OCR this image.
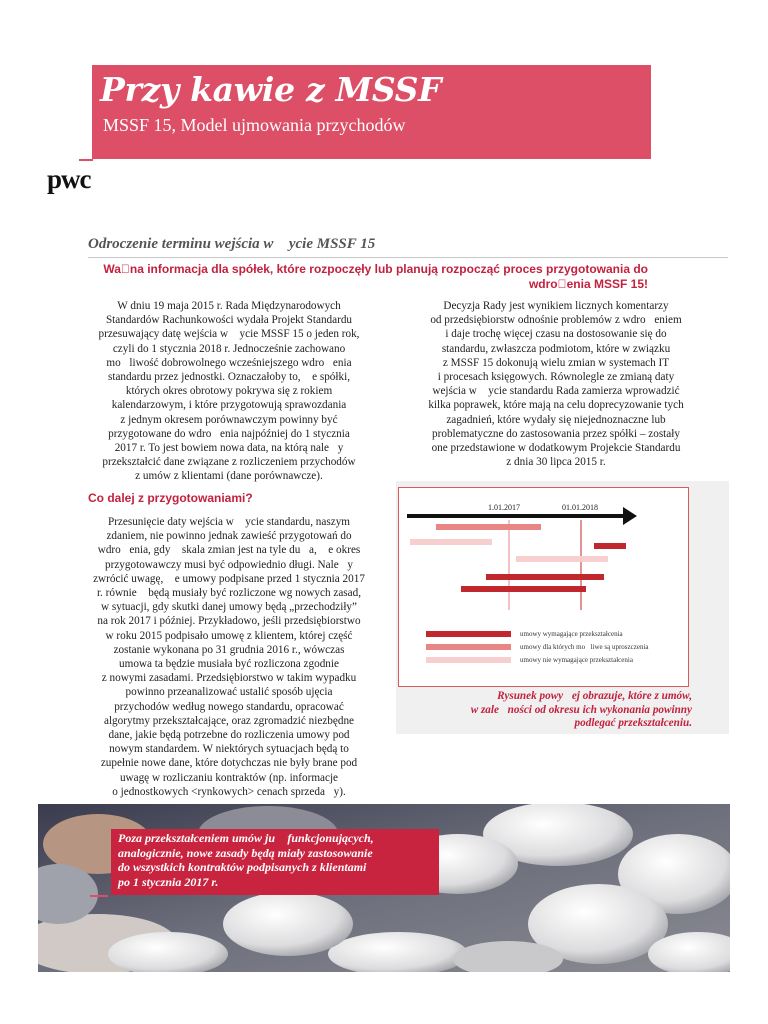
Przy kawie z MSSF
MSSF 15, Model ujmowania przychodów
pwc
Odroczenie terminu wejścia w  ycie MSSF 15
Wa na informacja dla spółek, które rozpoczęły lub planują rozpocząć proces przygotowania do wdro enia MSSF 15!
W dniu 19 maja 2015 r. Rada Międzynarodowych
Standardów Rachunkowości wydała Projekt Standardu
przesuwający datę wejścia w  ycie MSSF 15 o jeden rok,
czyli do 1 stycznia 2018 r. Jednocześnie zachowano
mo liwość dobrowolnego wcześniejszego wdro enia
standardu przez jednostki. Oznaczałoby to,  e spółki,
których okres obrotowy pokrywa się z rokiem
kalendarzowym, i które przygotowują sprawozdania
z jednym okresem porównawczym powinny być
przygotowane do wdro enia najpóźniej do 1 stycznia
2017 r. To jest bowiem nowa data, na którą nale y
przekształcić dane związane z rozliczeniem przychodów
z umów z klientami (dane porównawcze).
Decyzja Rady jest wynikiem licznych komentarzy
od przedsiębiorstw odnośnie problemów z wdro eniem
i daje trochę więcej czasu na dostosowanie się do
standardu, zwłaszcza podmiotom, które w związku
z MSSF 15 dokonują wielu zmian w systemach IT
i procesach księgowych. Równolegle ze zmianą daty
wejścia w  ycie standardu Rada zamierza wprowadzić
kilka poprawek, które mają na celu doprecyzowanie tych
zagadnień, które wydały się niejednoznaczne lub
problematyczne do zastosowania przez spółki – zostały
one przedstawione w dodatkowym Projekcie Standardu
z dnia 30 lipca 2015 r.
Co dalej z przygotowaniami?
Przesunięcie daty wejścia w  ycie standardu, naszym
zdaniem, nie powinno jednak zawieść przygotowań do
wdro enia, gdy  skala zmian jest na tyle du a,  e okres
przygotowawczy musi być odpowiednio długi. Nale y
zwrócić uwagę,  e umowy podpisane przed 1 stycznia 2017
r. równie  będą musiały być rozliczone wg nowych zasad,
w sytuacji, gdy skutki danej umowy będą „przechodziły”
na rok 2017 i później. Przykładowo, jeśli przedsiębiorstwo
w roku 2015 podpisało umowę z klientem, której część
zostanie wykonana po 31 grudnia 2016 r., wówczas
umowa ta będzie musiała być rozliczona zgodnie
z nowymi zasadami. Przedsiębiorstwo w takim wypadku
powinno przeanalizować ustalić sposób ujęcia
przychodów według nowego standardu, opracować
algorytmy przekształcające, oraz zgromadzić niezbędne
dane, jakie będą potrzebne do rozliczenia umowy pod
nowym standardem. W niektórych sytuacjach będą to
zupełnie nowe dane, które dotychczas nie były brane pod
uwagę w rozliczaniu kontraktów (np. informacje
o jednostkowych <rynkowych> cenach sprzeda y).
1.01.2017	01.01.2018
umowy wymagające przekształcenia
umowy dla których mo liwe są uproszczenia
umowy nie wymagające przekształcenia
Rysunek powy ej obrazuje, które z umów,
w zale ności od okresu ich wykonania powinny
podlegać przekształceniu.
Poza przekształceniem umów ju  funkcjonujących,
analogicznie, nowe zasady będą miały zastosowanie
do wszystkich kontraktów podpisanych z klientami
po 1 stycznia 2017 r.
